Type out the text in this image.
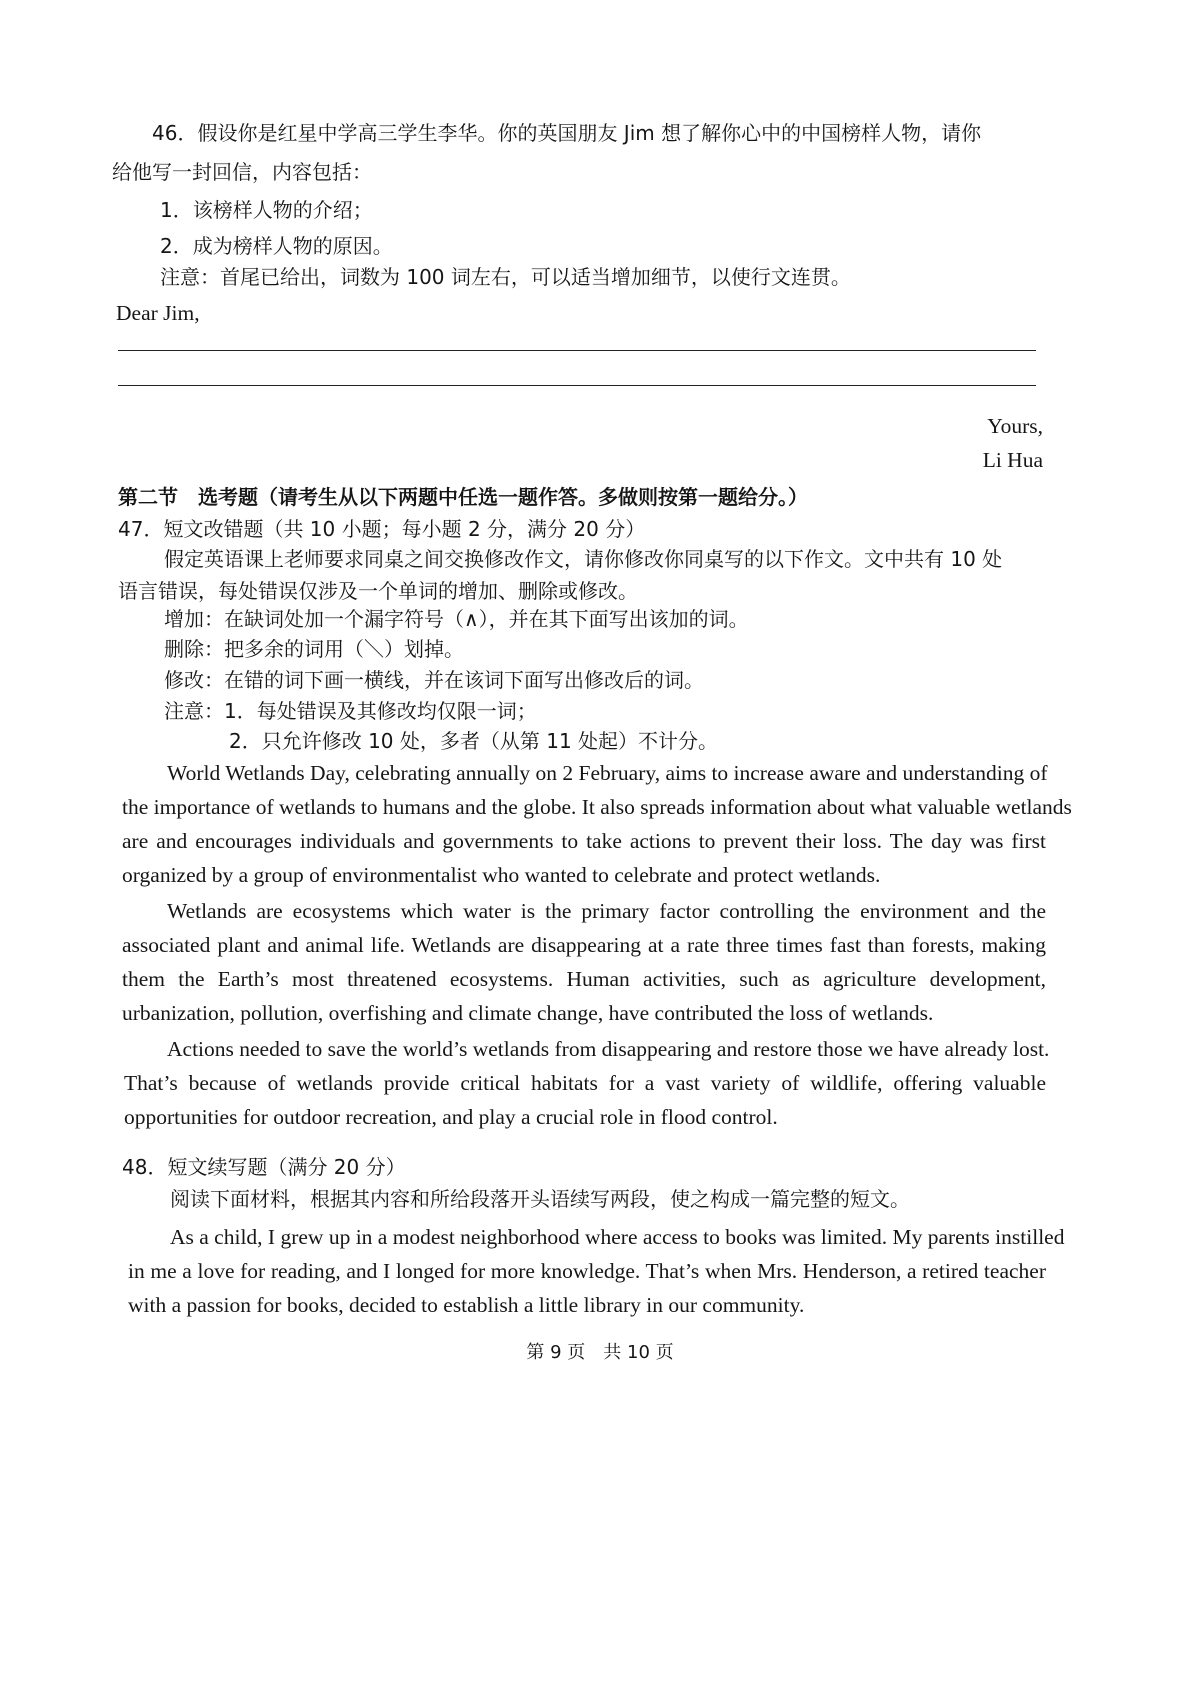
46．假设你是红星中学高三学生李华。你的英国朋友 Jim 想了解你心中的中国榜样人物，请你
给他写一封回信，内容包括：
1．该榜样人物的介绍；
2．成为榜样人物的原因。
注意：首尾已给出，词数为 100 词左右，可以适当增加细节，以使行文连贯。
Dear Jim,
Yours,
Li Hua
第二节　选考题（请考生从以下两题中任选一题作答。多做则按第一题给分。）
47．短文改错题（共 10 小题；每小题 2 分，满分 20 分）
假定英语课上老师要求同桌之间交换修改作文，请你修改你同桌写的以下作文。文中共有 10 处
语言错误，每处错误仅涉及一个单词的增加、删除或修改。
增加：在缺词处加一个漏字符号（∧），并在其下面写出该加的词。
删除：把多余的词用（＼）划掉。
修改：在错的词下画一横线，并在该词下面写出修改后的词。
注意：1．每处错误及其修改均仅限一词；
2．只允许修改 10 处，多者（从第 11 处起）不计分。
World Wetlands Day, celebrating annually on 2 February, aims to increase aware and understanding of
the importance of wetlands to humans and the globe. It also spreads information about what valuable wetlands
are and encourages individuals and governments to take actions to prevent their loss. The day was first
organized by a group of environmentalist who wanted to celebrate and protect wetlands.
Wetlands are ecosystems which water is the primary factor controlling the environment and the
associated plant and animal life. Wetlands are disappearing at a rate three times fast than forests, making
them the Earth’s most threatened ecosystems. Human activities, such as agriculture development,
urbanization, pollution, overfishing and climate change, have contributed the loss of wetlands.
Actions needed to save the world’s wetlands from disappearing and restore those we have already lost.
That’s because of wetlands provide critical habitats for a vast variety of wildlife, offering valuable
opportunities for outdoor recreation, and play a crucial role in flood control.
48．短文续写题（满分 20 分）
阅读下面材料，根据其内容和所给段落开头语续写两段，使之构成一篇完整的短文。
As a child, I grew up in a modest neighborhood where access to books was limited. My parents instilled
in me a love for reading, and I longed for more knowledge. That’s when Mrs. Henderson, a retired teacher
with a passion for books, decided to establish a little library in our community.
第 9 页　共 10 页
